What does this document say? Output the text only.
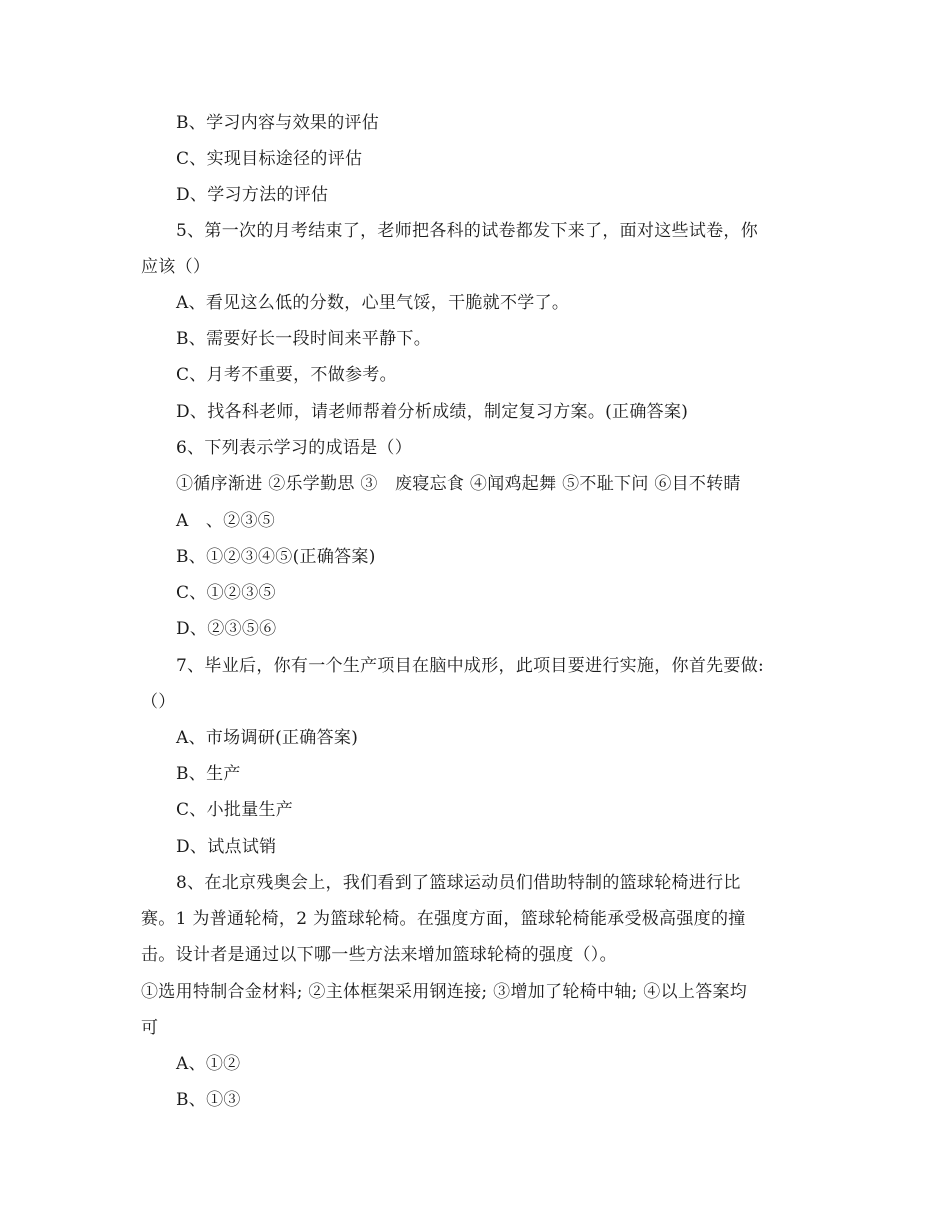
B、学习内容与效果的评估
C、实现目标途径的评估
D、学习方法的评估
5、第一次的月考结束了，老师把各科的试卷都发下来了，面对这些试卷，你
应该（）
A、看见这么低的分数，心里气馁，干脆就不学了。
B、需要好长一段时间来平静下。
C、月考不重要，不做参考。
D、找各科老师，请老师帮着分析成绩，制定复习方案。(正确答案)
6、下列表示学习的成语是（）
①循序渐进 ②乐学勤思 ③　废寝忘食 ④闻鸡起舞 ⑤不耻下问 ⑥目不转睛
A　、②③⑤
B、①②③④⑤(正确答案)
C、①②③⑤
D、②③⑤⑥
7、毕业后，你有一个生产项目在脑中成形，此项目要进行实施，你首先要做:
（）
A、市场调研(正确答案)
B、生产
C、小批量生产
D、试点试销
8、在北京残奥会上，我们看到了篮球运动员们借助特制的篮球轮椅进行比
赛。1 为普通轮椅，2 为篮球轮椅。在强度方面，篮球轮椅能承受极高强度的撞
击。设计者是通过以下哪一些方法来增加篮球轮椅的强度（）。
①选用特制合金材料; ②主体框架采用钢连接; ③增加了轮椅中轴; ④以上答案均
可
A、①②
B、①③
